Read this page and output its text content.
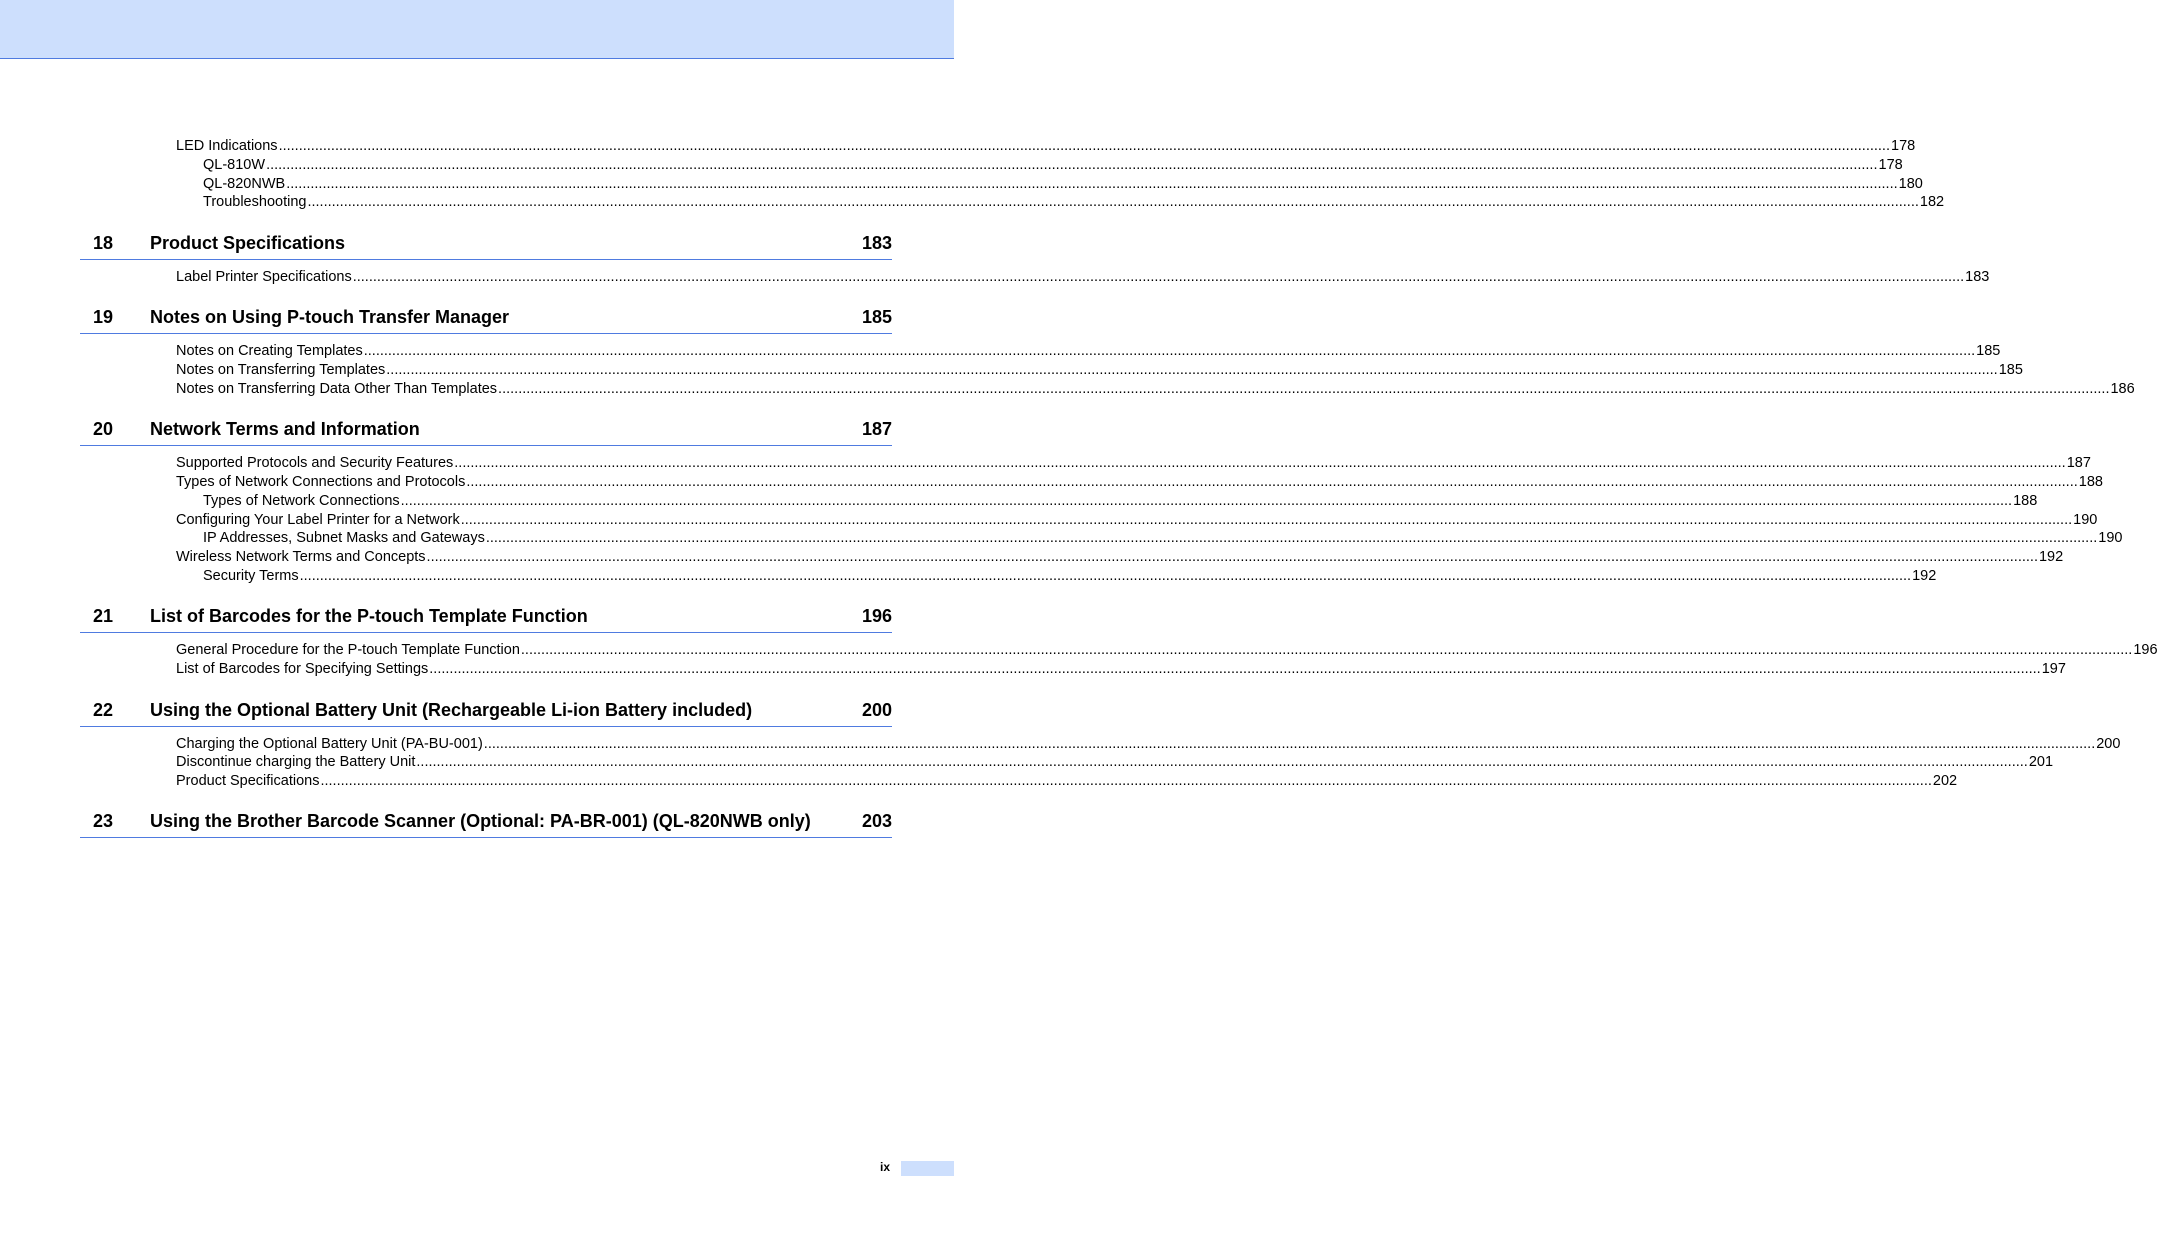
LED Indications ................................................................................................................................................................................................................................................................................................................................................................................................................ 178
QL-810W ................................................................................................................................................................................................................................................................................................................................................................................................................ 178
QL-820NWB ................................................................................................................................................................................................................................................................................................................................................................................................................ 180
Troubleshooting ................................................................................................................................................................................................................................................................................................................................................................................................................ 182
18 Product Specifications	183
Label Printer Specifications ................................................................................................................................................................................................................................................................................................................................................................................................................ 183
19 Notes on Using P-touch Transfer Manager	185
Notes on Creating Templates ................................................................................................................................................................................................................................................................................................................................................................................................................ 185
Notes on Transferring Templates ................................................................................................................................................................................................................................................................................................................................................................................................................ 185
Notes on Transferring Data Other Than Templates ................................................................................................................................................................................................................................................................................................................................................................................................................ 186
20 Network Terms and Information	187
Supported Protocols and Security Features ................................................................................................................................................................................................................................................................................................................................................................................................................ 187
Types of Network Connections and Protocols ................................................................................................................................................................................................................................................................................................................................................................................................................ 188
Types of Network Connections ................................................................................................................................................................................................................................................................................................................................................................................................................ 188
Configuring Your Label Printer for a Network ................................................................................................................................................................................................................................................................................................................................................................................................................ 190
IP Addresses, Subnet Masks and Gateways ................................................................................................................................................................................................................................................................................................................................................................................................................ 190
Wireless Network Terms and Concepts ................................................................................................................................................................................................................................................................................................................................................................................................................ 192
Security Terms ................................................................................................................................................................................................................................................................................................................................................................................................................ 192
21 List of Barcodes for the P-touch Template Function	196
General Procedure for the P-touch Template Function ................................................................................................................................................................................................................................................................................................................................................................................................................ 196
List of Barcodes for Specifying Settings ................................................................................................................................................................................................................................................................................................................................................................................................................ 197
22 Using the Optional Battery Unit (Rechargeable Li-ion Battery included)	200
Charging the Optional Battery Unit (PA-BU-001) ................................................................................................................................................................................................................................................................................................................................................................................................................ 200
Discontinue charging the Battery Unit ................................................................................................................................................................................................................................................................................................................................................................................................................ 201
Product Specifications ................................................................................................................................................................................................................................................................................................................................................................................................................ 202
23 Using the Brother Barcode Scanner (Optional: PA-BR-001) (QL-820NWB only)	203
ix
